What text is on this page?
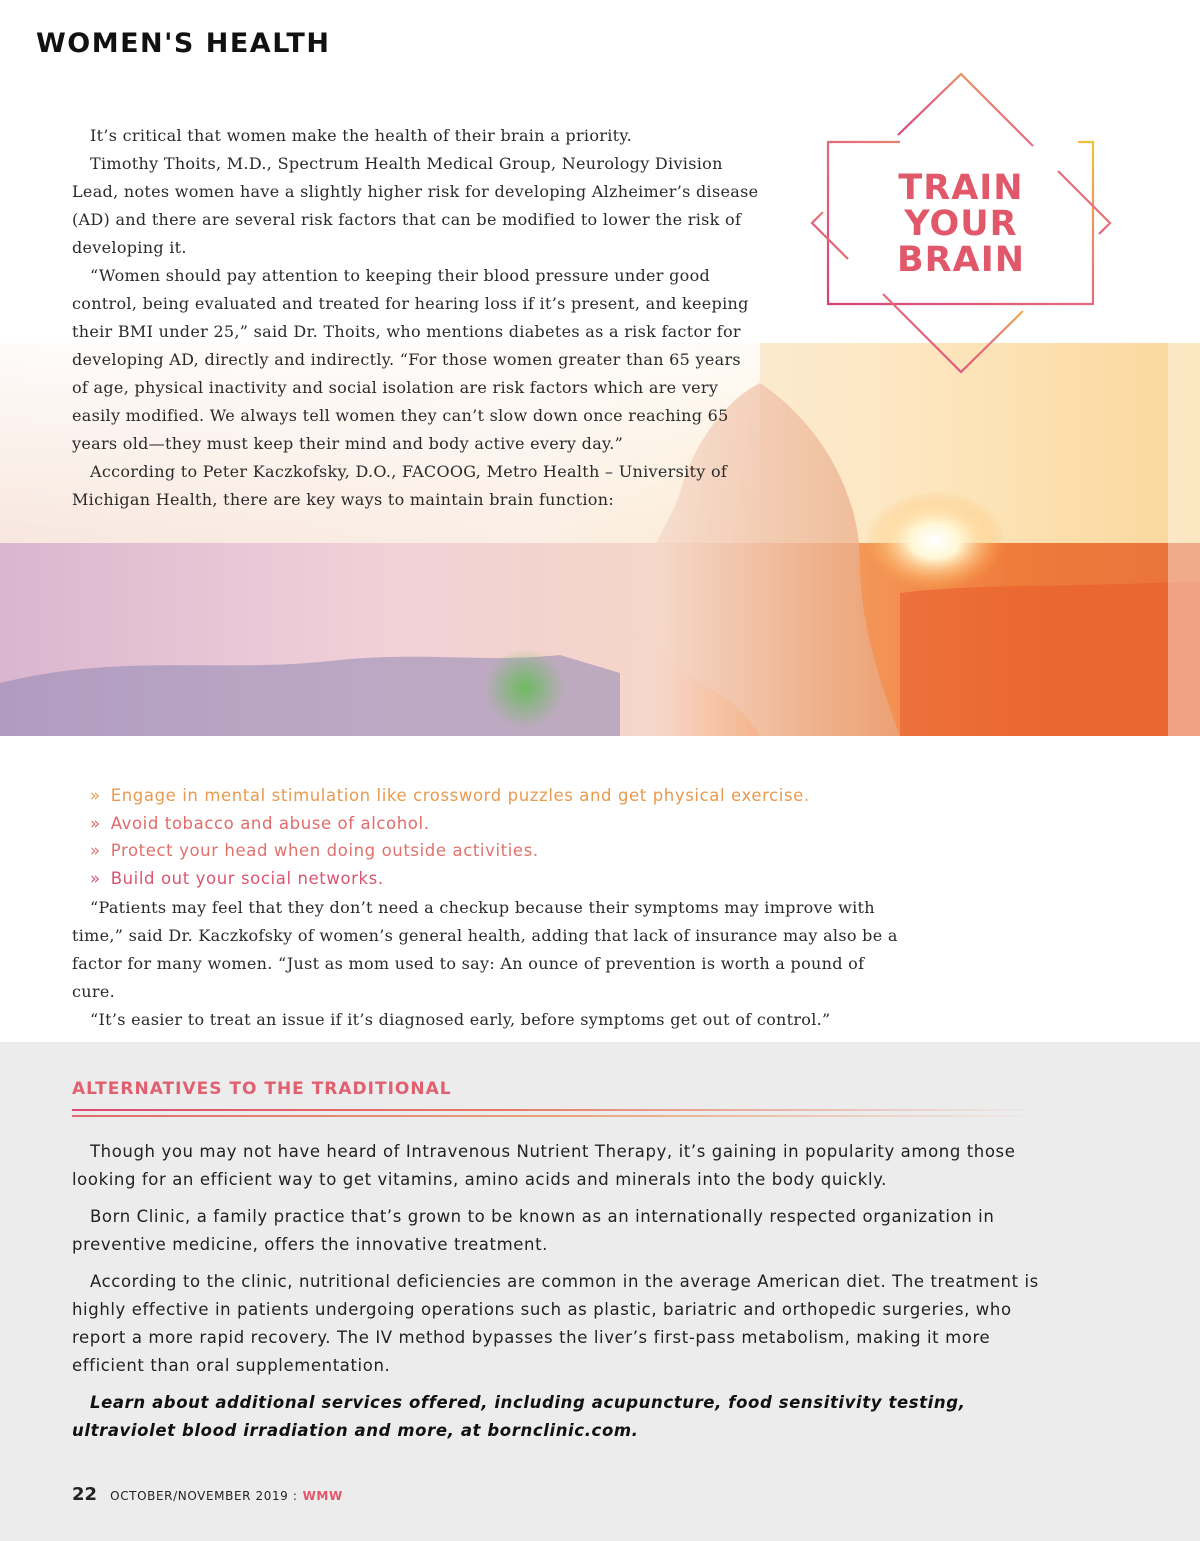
WOMEN'S HEALTH
TRAIN
YOUR
BRAIN

It’s critical that women make the health of their brain a priority.

Timothy Thoits, M.D., Spectrum Health Medical Group, Neurology Division Lead, notes women have a slightly higher risk for developing Alzheimer’s disease (AD) and there are several risk factors that can be modified to lower the risk of developing it.

“Women should pay attention to keeping their blood pressure under good control, being evaluated and treated for hearing loss if it’s present, and keeping their BMI under 25,” said Dr. Thoits, who mentions diabetes as a risk factor for developing AD, directly and indirectly. “For those women greater than 65 years of age, physical inactivity and social isolation are risk factors which are very easily modified. We always tell women they can’t slow down once reaching 65 years old—they must keep their mind and body active every day.”

According to Peter Kaczkofsky, D.O., FACOOG, Metro Health – University of Michigan Health, there are key ways to maintain brain function:

» Engage in mental stimulation like crossword puzzles and get physical exercise.
» Avoid tobacco and abuse of alcohol.
» Protect your head when doing outside activities.
» Build out your social networks.

“Patients may feel that they don’t need a checkup because their symptoms may improve with time,” said Dr. Kaczkofsky of women’s general health, adding that lack of insurance may also be a factor for many women. “Just as mom used to say: An ounce of prevention is worth a pound of cure.

“It’s easier to treat an issue if it’s diagnosed early, before symptoms get out of control.”

ALTERNATIVES TO THE TRADITIONAL

Though you may not have heard of Intravenous Nutrient Therapy, it’s gaining in popularity among those looking for an efficient way to get vitamins, amino acids and minerals into the body quickly.

Born Clinic, a family practice that’s grown to be known as an internationally respected organization in preventive medicine, offers the innovative treatment.

According to the clinic, nutritional deficiencies are common in the average American diet. The treatment is highly effective in patients undergoing operations such as plastic, bariatric and orthopedic surgeries, who report a more rapid recovery. The IV method bypasses the liver’s first-pass metabolism, making it more efficient than oral supplementation.

Learn about additional services offered, including acupuncture, food sensitivity testing, ultraviolet blood irradiation and more, at bornclinic.com.

22 OCTOBER/NOVEMBER 2019 : WMW
